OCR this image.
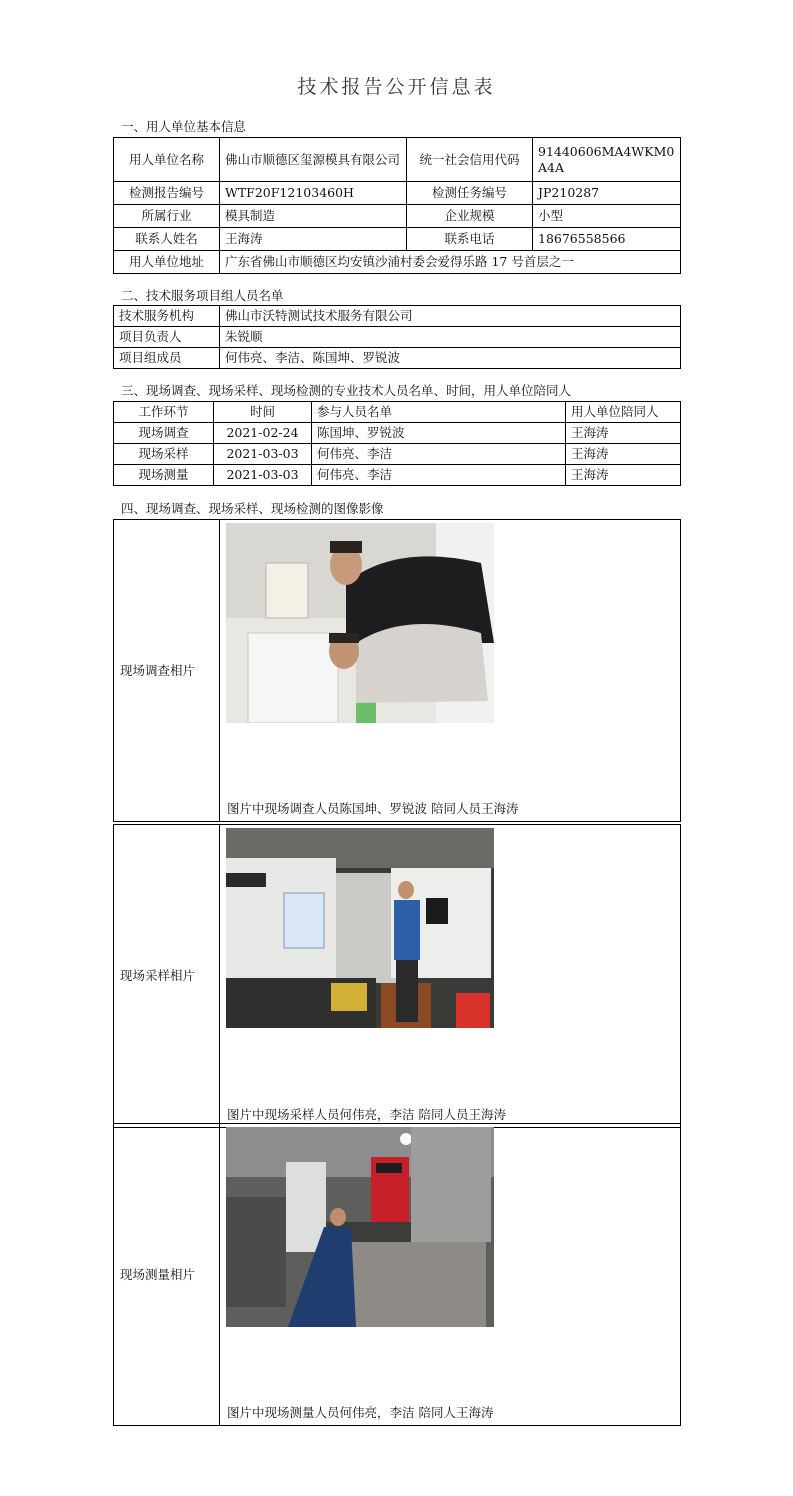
技术报告公开信息表
一、用人单位基本信息
用人单位名称	佛山市顺德区玺源模具有限公司	统一社会信用代码	91440606MA4WKM0A4A
检测报告编号	WTF20F12103460H	检测任务编号	JP210287
所属行业	模具制造	企业规模	小型
联系人姓名	王海涛	联系电话	18676558566
用人单位地址	广东省佛山市顺德区均安镇沙浦村委会爱得乐路 17 号首层之一		
二、技术服务项目组人员名单
技术服务机构	佛山市沃特测试技术服务有限公司
项目负责人	朱锐顺
项目组成员	何伟亮、李洁、陈国坤、罗锐波
三、现场调查、现场采样、现场检测的专业技术人员名单、时间，用人单位陪同人
工作环节	时间	参与人员名单	用人单位陪同人
现场调查	2021-02-24	陈国坤、罗锐波	王海涛
现场采样	2021-03-03	何伟亮、李洁	王海涛
现场测量	2021-03-03	何伟亮、李洁	王海涛
四、现场调查、现场采样、现场检测的图像影像
现场调查相片	
图片中现场调查人员陈国坤、罗锐波 陪同人员王海涛
现场采样相片	
图片中现场采样人员何伟亮，李洁 陪同人员王海涛
现场测量相片	
图片中现场测量人员何伟亮，李洁 陪同人王海涛
